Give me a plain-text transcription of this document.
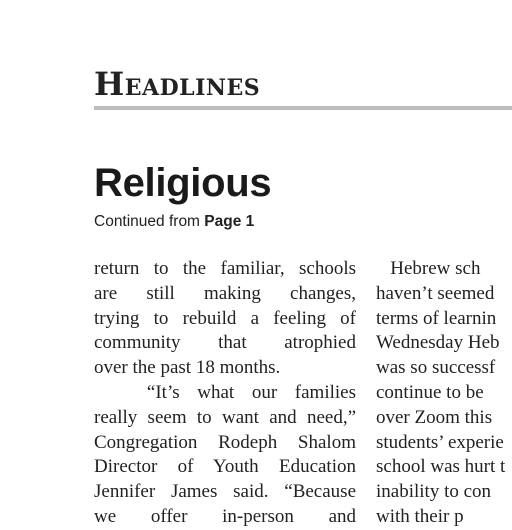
Headlines
Religious
Continued from Page 1
return to the familiar, schools
are still making changes,
trying to rebuild a feeling of
community that atrophied
over the past 18 months.
“It’s what our families
really seem to want and need,”
Congregation Rodeph Shalom
Director of Youth Education
Jennifer James said. “Because
we offer in-person and
Hebrew sch
haven’t seemed
terms of learnin
Wednesday Heb
was so successf
continue to be
over Zoom this
students’ experie
school was hurt t
inability to con
with their p
